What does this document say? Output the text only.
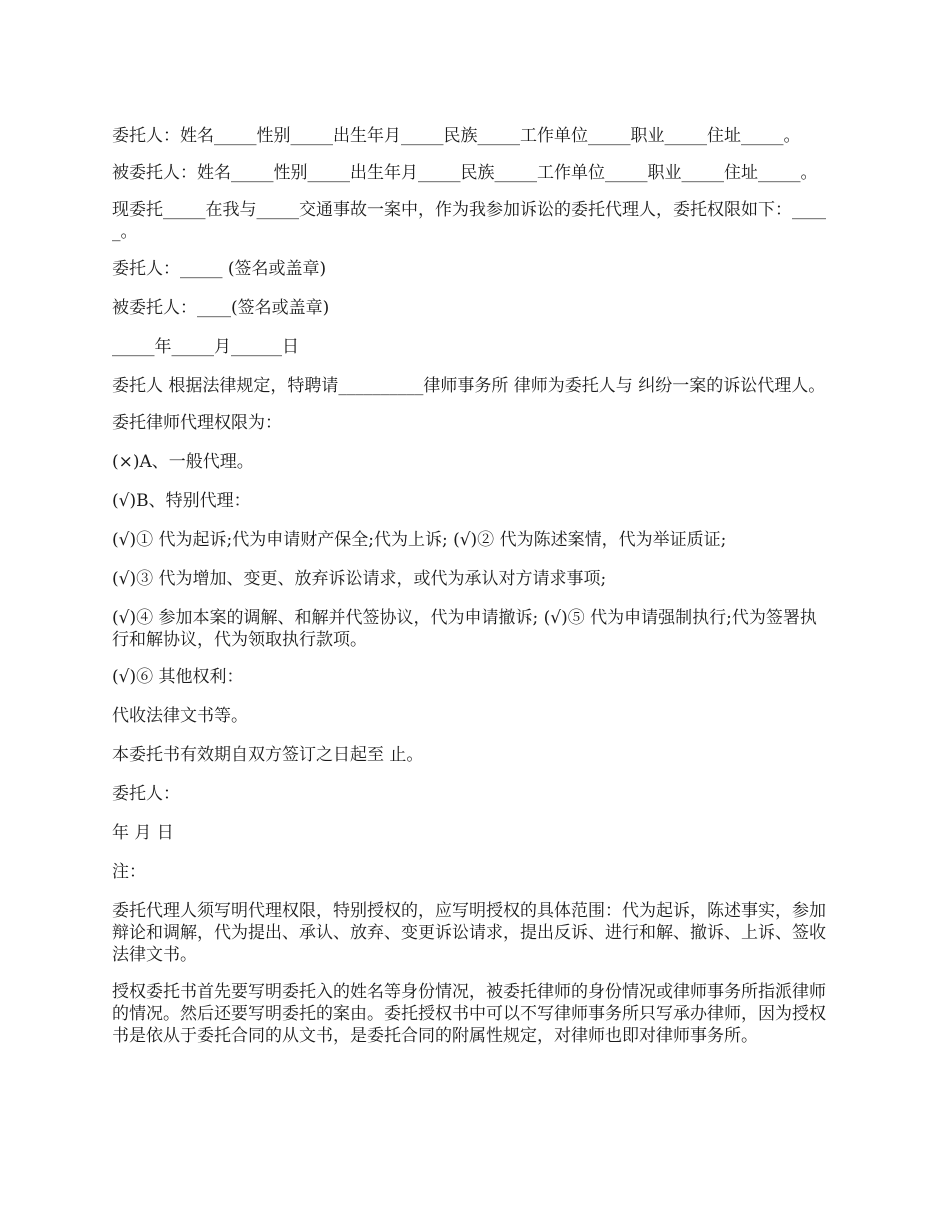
委托人：姓名_____性别_____出生年月_____民族_____工作单位_____职业_____住址_____。

被委托人：姓名_____性别_____出生年月_____民族_____工作单位_____职业_____住址_____。

现委托_____在我与_____交通事故一案中，作为我参加诉讼的委托代理人，委托权限如下：_____。

委托人：_____ (签名或盖章)

被委托人：____(签名或盖章)

_____年_____月______日

委托人 根据法律规定，特聘请__________律师事务所 律师为委托人与 纠纷一案的诉讼代理人。

委托律师代理权限为：

(×)A、一般代理。

(√)B、特别代理：

(√)① 代为起诉;代为申请财产保全;代为上诉; (√)② 代为陈述案情，代为举证质证;

(√)③ 代为增加、变更、放弃诉讼请求，或代为承认对方请求事项;

(√)④ 参加本案的调解、和解并代签协议，代为申请撤诉; (√)⑤ 代为申请强制执行;代为签署执行和解协议，代为领取执行款项。

(√)⑥ 其他权利：

代收法律文书等。

本委托书有效期自双方签订之日起至 止。

委托人：

年 月 日

注：

委托代理人须写明代理权限，特别授权的，应写明授权的具体范围：代为起诉，陈述事实，参加辩论和调解，代为提出、承认、放弃、变更诉讼请求，提出反诉、进行和解、撤诉、上诉、签收法律文书。

授权委托书首先要写明委托入的姓名等身份情况，被委托律师的身份情况或律师事务所指派律师的情况。然后还要写明委托的案由。委托授权书中可以不写律师事务所只写承办律师，因为授权书是依从于委托合同的从文书，是委托合同的附属性规定，对律师也即对律师事务所。
